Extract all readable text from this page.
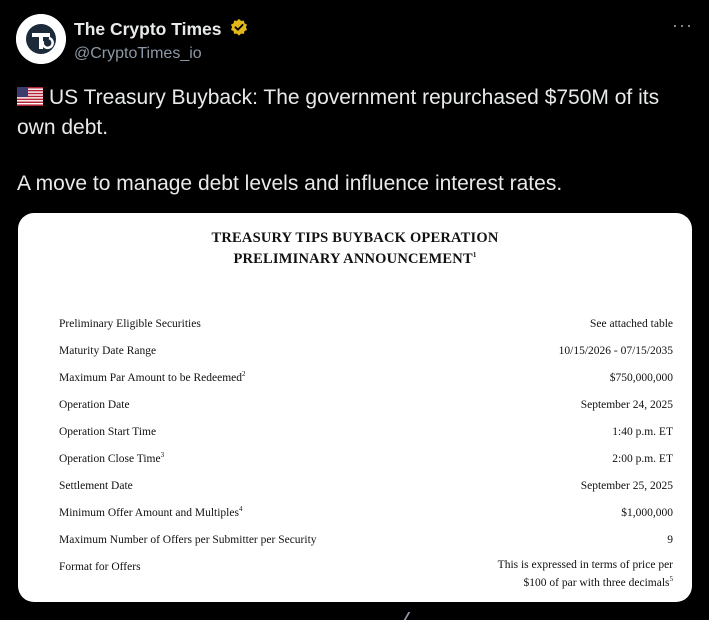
The Crypto Times
@CryptoTimes_io
···

US Treasury Buyback: The government repurchased $750M of its own debt.

A move to manage debt levels and influence interest rates.

TREASURY TIPS BUYBACK OPERATION
PRELIMINARY ANNOUNCEMENT$^1$
Preliminary Eligible Securities	See attached table
Maturity Date Range	10/15/2026 - 07/15/2035
Maximum Par Amount to be Redeemed$^2$	$750,000,000
Operation Date	September 24, 2025
Operation Start Time	1:40 p.m. ET
Operation Close Time$^3$	2:00 p.m. ET
Settlement Date	September 25, 2025
Minimum Offer Amount and Multiples$^4$	$1,000,000
Maximum Number of Offers per Submitter per Security	9
Format for Offers	This is expressed in terms of price per
$100 of par with three decimals$^5$
